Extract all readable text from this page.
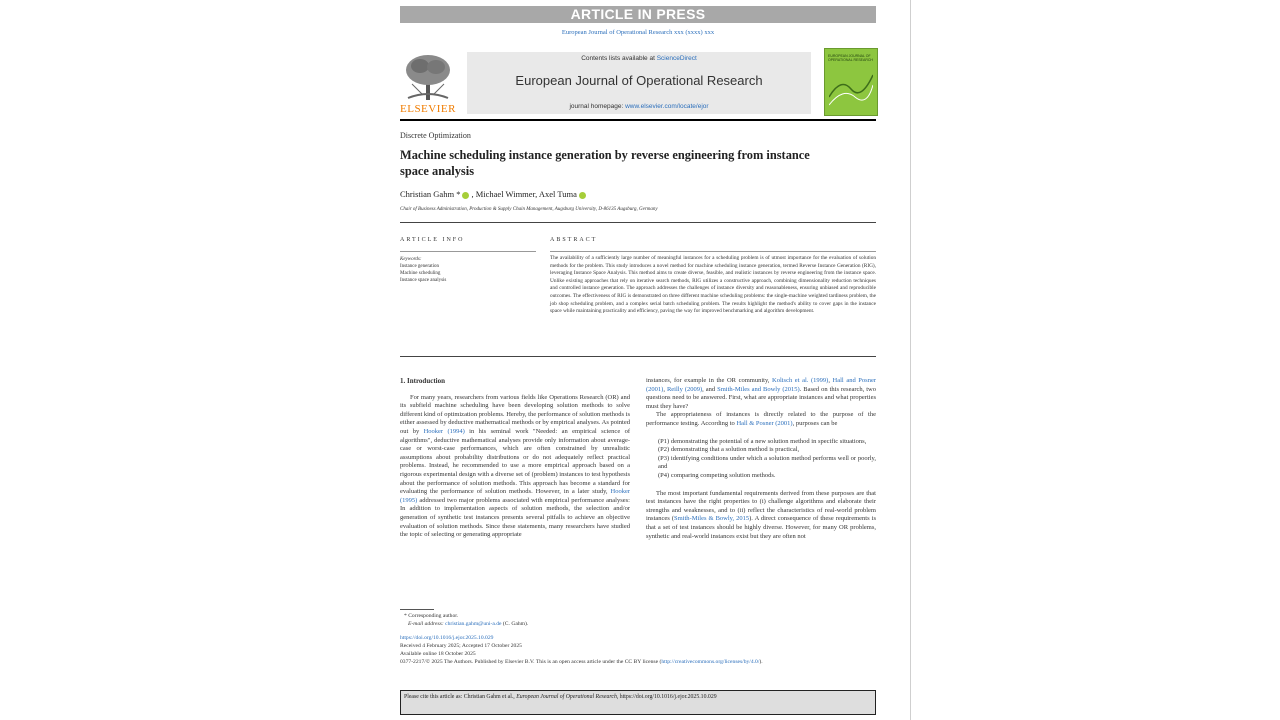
ARTICLE IN PRESS
European Journal of Operational Research xxx (xxxx) xxx
ELSEVIER
Contents lists available at ScienceDirect
European Journal of Operational Research
journal homepage: www.elsevier.com/locate/ejor
EUROPEAN JOURNAL OF OPERATIONAL RESEARCH
Discrete Optimization
Machine scheduling instance generation by reverse engineering from instance space analysis
Christian Gahm * , Michael Wimmer, Axel Tuma
Chair of Business Administration, Production & Supply Chain Management, Augsburg University, D-86135 Augsburg, Germany
ARTICLE INFO
Keywords:
Instance generation
Machine scheduling
Instance space analysis
ABSTRACT
The availability of a sufficiently large number of meaningful instances for a scheduling problem is of utmost importance for the evaluation of solution methods for the problem. This study introduces a novel method for machine scheduling instance generation, termed Reverse Instance Generation (RIG), leveraging Instance Space Analysis. This method aims to create diverse, feasible, and realistic instances by reverse engineering from the instance space. Unlike existing approaches that rely on iterative search methods, RIG utilizes a constructive approach, combining dimensionality reduction techniques and controlled instance generation. The approach addresses the challenges of instance diversity and reasonableness, ensuring unbiased and reproducible outcomes. The effectiveness of RIG is demonstrated on three different machine scheduling problems: the single-machine weighted tardiness problem, the job shop scheduling problem, and a complex serial batch scheduling problem. The results highlight the method's ability to cover gaps in the instance space while maintaining practicality and efficiency, paving the way for improved benchmarking and algorithm development.
1. Introduction

For many years, researchers from various fields like Operations Research (OR) and its subfield machine scheduling have been developing solution methods to solve different kind of optimization problems. Hereby, the performance of solution methods is either assessed by deductive mathematical methods or by empirical analyses. As pointed out by Hooker (1994) in his seminal work "Needed: an empirical science of algorithms", deductive mathematical analyses provide only information about average-case or worst-case performances, which are often constrained by unrealistic assumptions about probability distributions or do not adequately reflect practical problems. Instead, he recommended to use a more empirical approach based on a rigorous experimental design with a diverse set of (problem) instances to test hypothesis about the performance of solution methods. This approach has become a standard for evaluating the performance of solution methods. However, in a later study, Hooker (1995) addressed two major problems associated with empirical performance analyses: In addition to implementation aspects of solution methods, the selection and/or generation of synthetic test instances presents several pitfalls to achieve an objective evaluation of solution methods. Since these statements, many researchers have studied the topic of selecting or generating appropriate

instances, for example in the OR community, Kolisch et al. (1999), Hall and Posner (2001), Reilly (2009), and Smith-Miles and Bowly (2015). Based on this research, two questions need to be answered. First, what are appropriate instances and what properties must they have?

The appropriateness of instances is directly related to the purpose of the performance testing. According to Hall & Posner (2001), purposes can be

(P1) demonstrating the potential of a new solution method in specific situations,

(P2) demonstrating that a solution method is practical,

(P3) identifying conditions under which a solution method performs well or poorly, and

(P4) comparing competing solution methods.

The most important fundamental requirements derived from these purposes are that test instances have the right properties to (i) challenge algorithms and elaborate their strengths and weaknesses, and to (ii) reflect the characteristics of real-world problem instances (Smith-Miles & Bowly, 2015). A direct consequence of these requirements is that a set of test instances should be highly diverse. However, for many OR problems, synthetic and real-world instances exist but they are often not

* Corresponding author.
E-mail address: christian.gahm@uni-a.de (C. Gahm).
https://doi.org/10.1016/j.ejor.2025.10.029
Received 4 February 2025; Accepted 17 October 2025
Available online 18 October 2025
0377-2217/© 2025 The Authors. Published by Elsevier B.V. This is an open access article under the CC BY license (http://creativecommons.org/licenses/by/4.0/).
Please cite this article as: Christian Gahm et al., European Journal of Operational Research, https://doi.org/10.1016/j.ejor.2025.10.029
